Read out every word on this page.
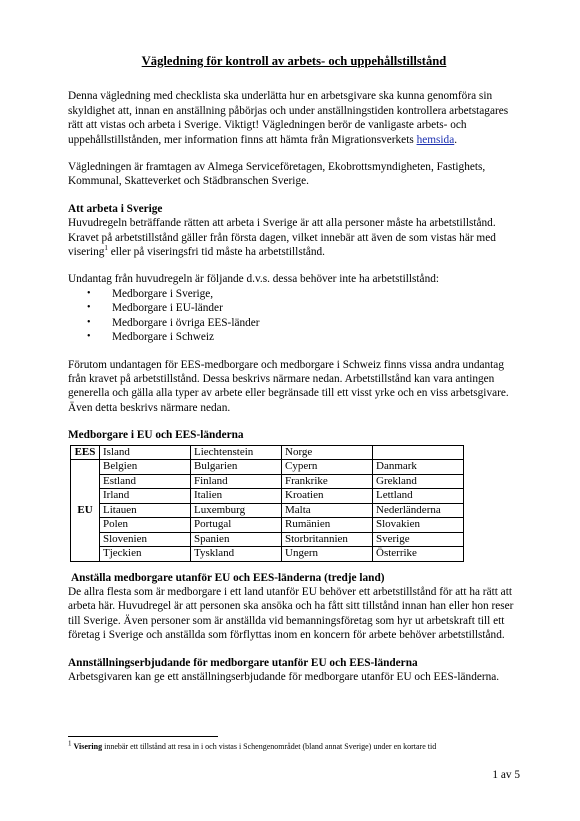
Vägledning för kontroll av arbets- och uppehållstillstånd

Denna vägledning med checklista ska underlätta hur en arbetsgivare ska kunna genomföra sin skyldighet att, innan en anställning påbörjas och under anställningstiden kontrollera arbetstagares rätt att vistas och arbeta i Sverige. Viktigt! Vägledningen berör de vanligaste arbets- och uppehållstillstånden, mer information finns att hämta från Migrationsverkets hemsida.

Vägledningen är framtagen av Almega Serviceföretagen, Ekobrottsmyndigheten, Fastighets, Kommunal, Skatteverket och Städbranschen Sverige.

Att arbeta i Sverige

Huvudregeln beträffande rätten att arbeta i Sverige är att alla personer måste ha arbetstillstånd. Kravet på arbetstillstånd gäller från första dagen, vilket innebär att även de som vistas här med visering$^1$ eller på viseringsfri tid måste ha arbetstillstånd.

Undantag från huvudregeln är följande d.v.s. dessa behöver inte ha arbetstillstånd:

• Medborgare i Sverige,
• Medborgare i EU-länder
• Medborgare i övriga EES-länder
• Medborgare i Schweiz

Förutom undantagen för EES-medborgare och medborgare i Schweiz finns vissa andra undantag från kravet på arbetstillstånd. Dessa beskrivs närmare nedan. Arbetstillstånd kan vara antingen generella och gälla alla typer av arbete eller begränsade till ett visst yrke och en viss arbetsgivare. Även detta beskrivs närmare nedan.

Medborgare i EU och EES-länderna
EES	Island	Liechtenstein	Norge	
EU	Belgien	Bulgarien	Cypern	Danmark
	Estland	Finland	Frankrike	Grekland
	Irland	Italien	Kroatien	Lettland
	Litauen	Luxemburg	Malta	Nederländerna
	Polen	Portugal	Rumänien	Slovakien
	Slovenien	Spanien	Storbritannien	Sverige
	Tjeckien	Tyskland	Ungern	Österrike
Anställa medborgare utanför EU och EES-länderna (tredje land)

De allra flesta som är medborgare i ett land utanför EU behöver ett arbetstillstånd för att ha rätt att arbeta här. Huvudregel är att personen ska ansöka och ha fått sitt tillstånd innan han eller hon reser till Sverige. Även personer som är anställda vid bemanningsföretag som hyr ut arbetskraft till ett företag i Sverige och anställda som förflyttas inom en koncern för arbete behöver arbetstillstånd.

Annställningserbjudande för medborgare utanför EU och EES-länderna

Arbetsgivaren kan ge ett anställningserbjudande för medborgare utanför EU och EES-länderna.

$^1$ Visering innebär ett tillstånd att resa in i och vistas i Schengenområdet (bland annat Sverige) under en kortare tid
1 av 5
